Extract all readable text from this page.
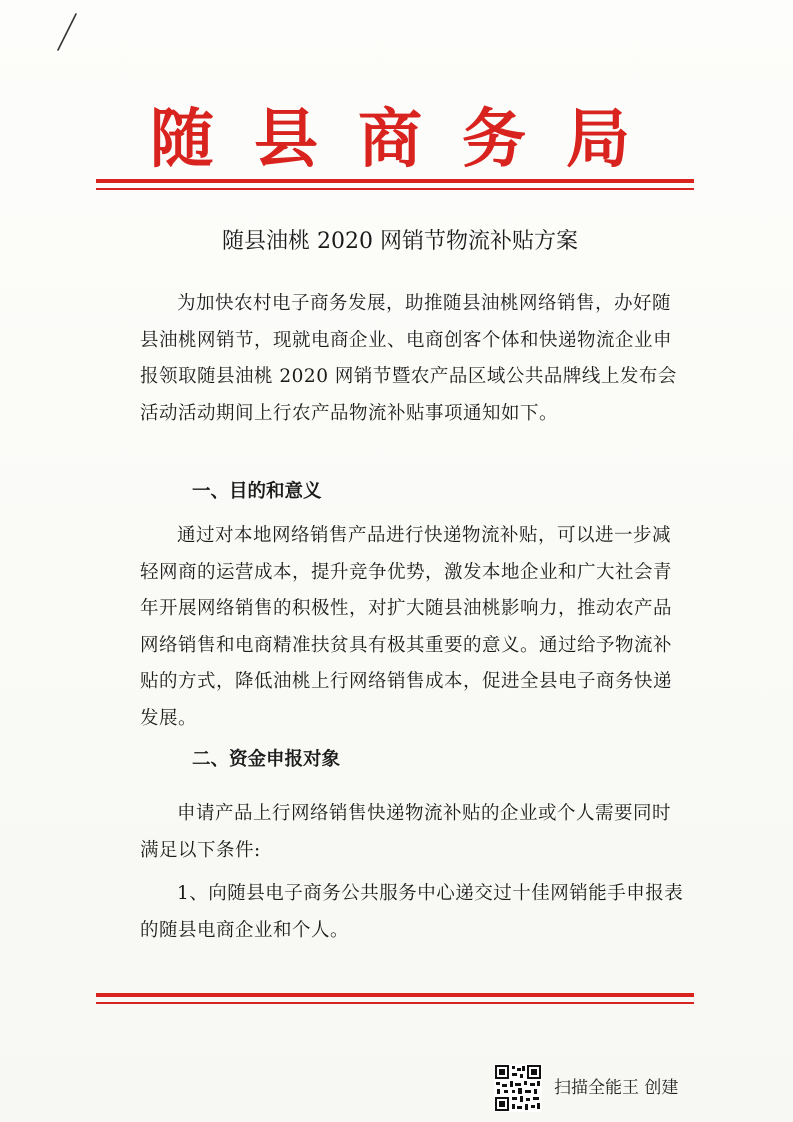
随县商务局
随县油桃 2020 网销节物流补贴方案

为加快农村电子商务发展，助推随县油桃网络销售，办好随县油桃网销节，现就电商企业、电商创客个体和快递物流企业申报领取随县油桃 2020 网销节暨农产品区域公共品牌线上发布会活动活动期间上行农产品物流补贴事项通知如下。

一、目的和意义

通过对本地网络销售产品进行快递物流补贴，可以进一步减轻网商的运营成本，提升竞争优势，激发本地企业和广大社会青年开展网络销售的积极性，对扩大随县油桃影响力，推动农产品网络销售和电商精准扶贫具有极其重要的意义。通过给予物流补贴的方式，降低油桃上行网络销售成本，促进全县电子商务快递发展。

二、资金申报对象

申请产品上行网络销售快递物流补贴的企业或个人需要同时满足以下条件:

1、向随县电子商务公共服务中心递交过十佳网销能手申报表的随县电商企业和个人。

扫描全能王 创建
